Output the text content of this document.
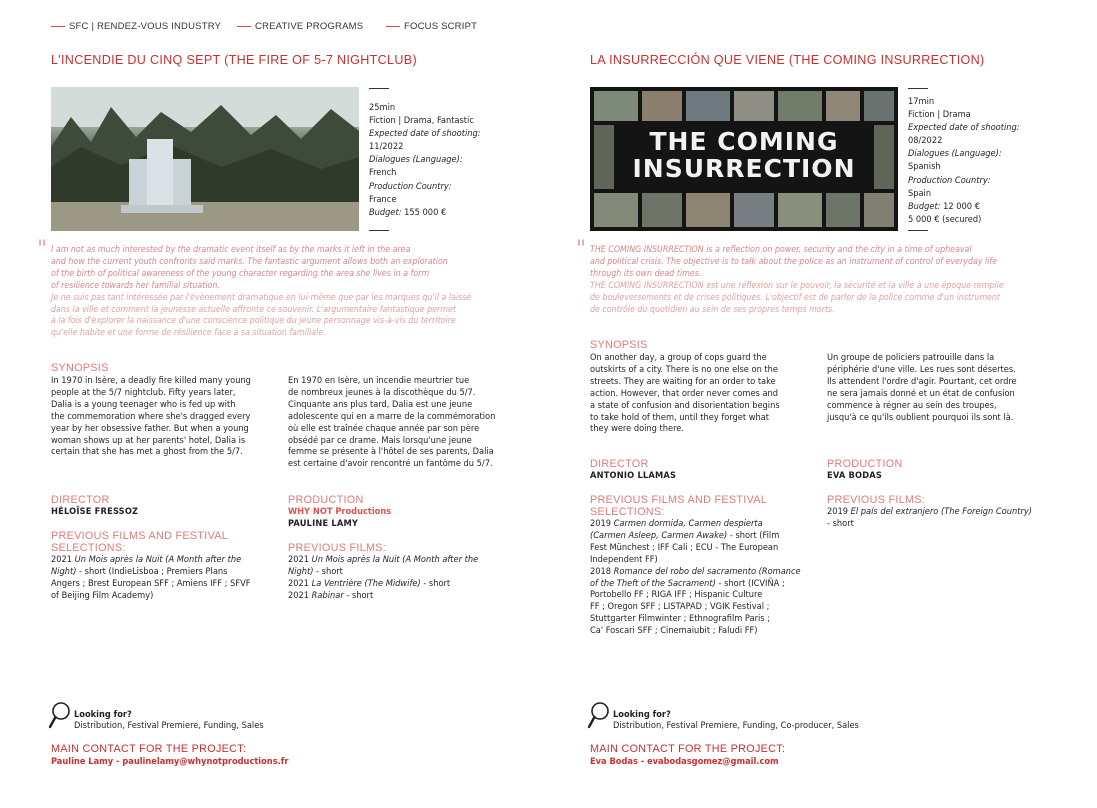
SFC | RENDEZ-VOUS INDUSTRY	CREATIVE PROGRAMS	FOCUS SCRIPT
L'INCENDIE DU CINQ SEPT (THE FIRE OF 5-7 NIGHTCLUB)
25min
Fiction | Drama, Fantastic
Expected date of shooting:
11/2022
Dialogues (Language):
French
Production Country:
France
Budget: 155 000 €
" I am not as much interested by the dramatic event itself as by the marks it left in the area
and how the current youth confronts said marks. The fantastic argument allows both an exploration
of the birth of political awareness of the young character regarding the area she lives in a form
of resilience towards her familial situation.
Je ne suis pas tant intéressée par l'évènement dramatique en lui-même que par les marques qu'il a laissé
dans la ville et comment la jeunesse actuelle affronte ce souvenir. L'argumentaire fantastique permet
à la fois d'explorer la naissance d'une conscience politique du jeune personnage vis-à-vis du territoire
qu'elle habite et une forme de résilience face à sa situation familiale.
SYNOPSIS
In 1970 in Isère, a deadly fire killed many young
people at the 5/7 nightclub. Fifty years later,
Dalia is a young teenager who is fed up with
the commemoration where she's dragged every
year by her obsessive father. But when a young
woman shows up at her parents' hotel, Dalia is
certain that she has met a ghost from the 5/7.
En 1970 en Isère, un incendie meurtrier tue
de nombreux jeunes à la discothèque du 5/7.
Cinquante ans plus tard, Dalia est une jeune
adolescente qui en a marre de la commémoration
où elle est traînée chaque année par son père
obsédé par ce drame. Mais lorsqu'une jeune
femme se présente à l'hôtel de ses parents, Dalia
est certaine d'avoir rencontré un fantôme du 5/7.
DIRECTOR
HÉLOÏSE FRESSOZ
PREVIOUS FILMS AND FESTIVAL
SELECTIONS:
2021 Un Mois après la Nuit (A Month after the
Night) - short (IndieLisboa ; Premiers Plans
Angers ; Brest European SFF ; Amiens IFF ; SFVF
of Beijing Film Academy)
PRODUCTION
WHY NOT Productions
PAULINE LAMY
PREVIOUS FILMS:
2021 Un Mois après la Nuit (A Month after the
Night) - short
2021 La Ventrière (The Midwife) - short
2021 Rabinar - short
Looking for?
Distribution, Festival Premiere, Funding, Sales
MAIN CONTACT FOR THE PROJECT:
Pauline Lamy - paulinelamy@whynotproductions.fr
LA INSURRECCIÓN QUE VIENE (THE COMING INSURRECTION)
THE COMING
INSURRECTION
17min
Fiction | Drama
Expected date of shooting:
08/2022
Dialogues (Language):
Spanish
Production Country:
Spain
Budget: 12 000 €
5 000 € (secured)
" THE COMING INSURRECTION is a reflection on power, security and the city in a time of upheaval
and political crisis. The objective is to talk about the police as an instrument of control of everyday life
through its own dead times.
THE COMING INSURRECTION est une réflexion sur le pouvoir, la sécurité et la ville à une époque remplie
de bouleversements et de crises politiques. L'objectif est de parler de la police comme d'un instrument
de contrôle du quotidien au sein de ses propres temps morts.
SYNOPSIS
On another day, a group of cops guard the
outskirts of a city. There is no one else on the
streets. They are waiting for an order to take
action. However, that order never comes and
a state of confusion and disorientation begins
to take hold of them, until they forget what
they were doing there.
Un groupe de policiers patrouille dans la
périphérie d'une ville. Les rues sont désertes.
Ils attendent l'ordre d'agir. Pourtant, cet ordre
ne sera jamais donné et un état de confusion
commence à régner au sein des troupes,
jusqu'à ce qu'ils oublient pourquoi ils sont là.
DIRECTOR
ANTONIO LLAMAS
PREVIOUS FILMS AND FESTIVAL
SELECTIONS:
2019 Carmen dormida, Carmen despierta
(Carmen Asleep, Carmen Awake) - short (Film
Fest Münchest ; IFF Cali ; ECU - The European
Independent FF)
2018 Romance del robo del sacramento (Romance
of the Theft of the Sacrament) - short (ICVIÑA ;
Portobello FF ; RIGA IFF ; Hispanic Culture
FF ; Oregon SFF ; LISTAPAD ; VGIK Festival ;
Stuttgarter Filmwinter ; Ethnografilm Paris ;
Ca' Foscari SFF ; Cinemaiubit ; Faludi FF)
PRODUCTION
EVA BODAS
PREVIOUS FILMS:
2019 El país del extranjero (The Foreign Country)
- short
Looking for?
Distribution, Festival Premiere, Funding, Co-producer, Sales
MAIN CONTACT FOR THE PROJECT:
Eva Bodas - evabodasgomez@gmail.com
